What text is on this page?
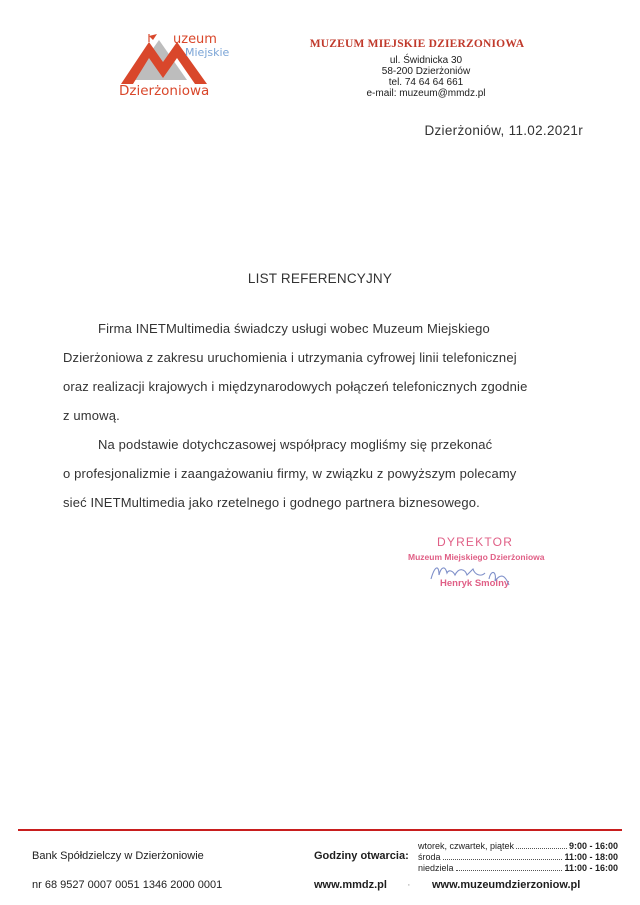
uzeum
Miejskie
Dzierżoniowa
MUZEUM MIEJSKIE DZIERZONIOWA
ul. Świdnicka 30
58-200 Dzierżoniów
tel. 74 64 64 661
e-mail: muzeum@mmdz.pl
Dzierżoniów, 11.02.2021r
LIST REFERENCYJNY

Firma INETMultimedia świadczy usługi wobec Muzeum Miejskiego

Dzierżoniowa z zakresu uruchomienia i utrzymania cyfrowej linii telefonicznej

oraz realizacji krajowych i międzynarodowych połączeń telefonicznych zgodnie

z umową.

Na podstawie dotychczasowej współpracy mogliśmy się przekonać

o profesjonalizmie i zaangażowaniu firmy, w związku z powyższym polecamy

sieć INETMultimedia jako rzetelnego i godnego partnera biznesowego.

DYREKTOR
Muzeum Miejskiego Dzierżoniowa
Henryk Smolny
Bank Spółdzielczy w Dzierżoniowie
nr 68 9527 0007 0051 1346 2000 0001
Godziny otwarcia:
wtorek, czwartek, piątek	9:00 - 16:00
środa	11:00 - 18:00
niedziela	11:00 - 16:00
www.mmdz.pl · www.muzeumdzierzoniow.pl
